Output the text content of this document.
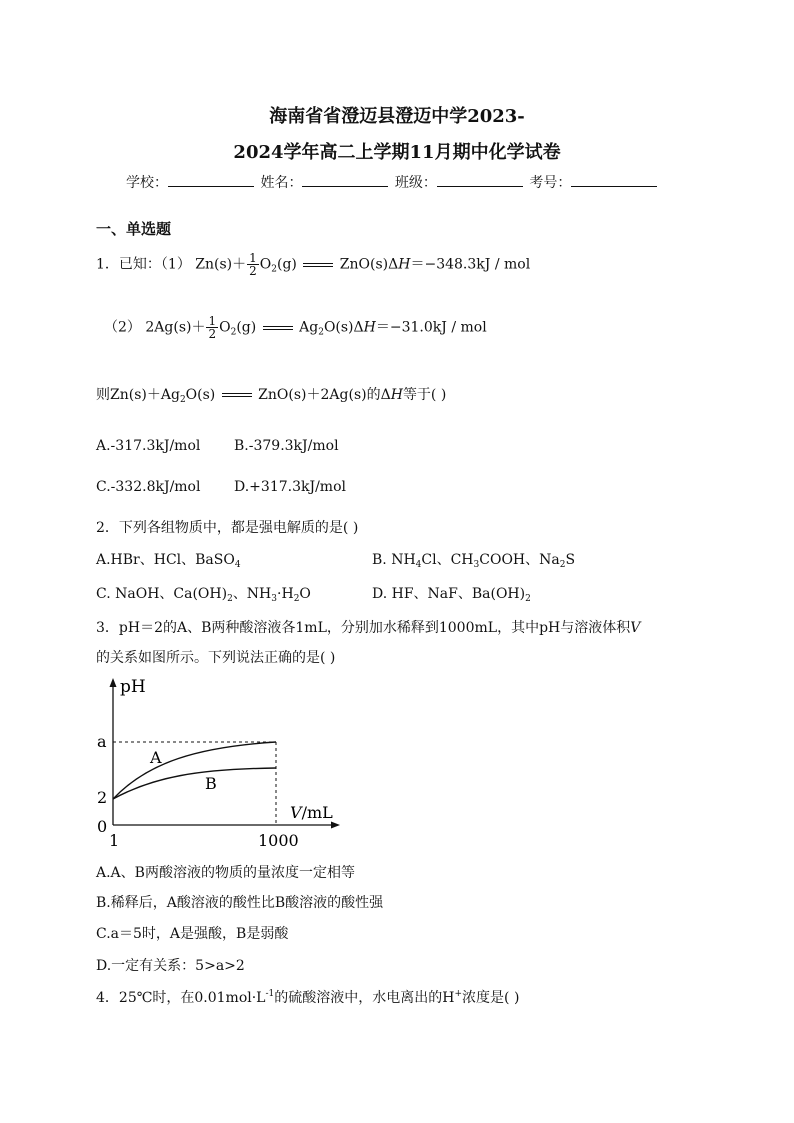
海南省省澄迈县澄迈中学2023-
2024学年高二上学期11月期中化学试卷
学校：	姓名：	班级：	考号：
一、单选题
1．已知：（1） $Zn(s)+ \frac{1}{2} O_2(g)$	ZnO(s)ΔH＝−348.3kJ / mol
（2） $2Ag(s)+ \frac{1}{2} O_2(g)$	$Ag_2O(s)\Delta H=-31.0kJ$ / mol
则$Zn(s)+Ag_2O(s)$	ZnO(s)＋2Ag(s)的ΔH等于( )
A.-317.3kJ/mol B.-379.3kJ/mol
C.-332.8kJ/mol D.+317.3kJ/mol
2．下列各组物质中，都是强电解质的是( )
A.HBr、HCl、BaSO$_4$	B. $NH_4Cl$、$CH_3COOH$、$Na_2S$
C. NaOH、$Ca(OH)_2$、$NH_3\cdot H_2O$	D. HF、NaF、$Ba(OH)_2$
3．pH＝2的A、B两种酸溶液各1mL，分别加水稀释到1000mL，其中pH与溶液体积V
的关系如图所示。下列说法正确的是( )
pH
V/mL
a
2
0
1	1000
A
B
A.A、B两酸溶液的物质的量浓度一定相等
B.稀释后，A酸溶液的酸性比B酸溶液的酸性强
C.a＝5时，A是强酸，B是弱酸
D.一定有关系：5>a>2
4．25℃时，在$0.01mol\cdot L^{-1}$的硫酸溶液中，水电离出的H+浓度是( )
